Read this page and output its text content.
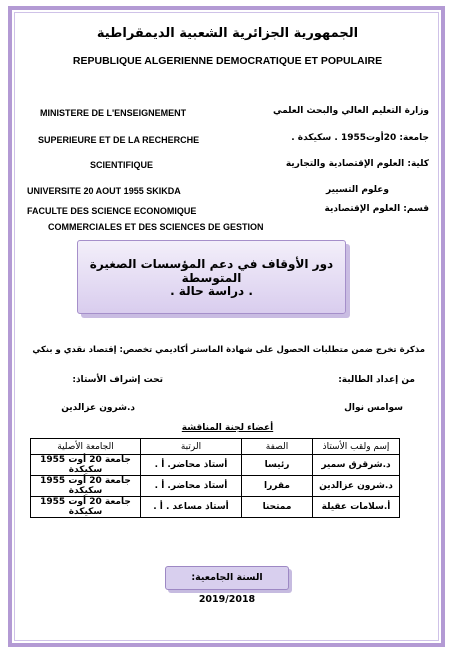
الجمهورية الجزائرية الشعبية الديمقراطية
REPUBLIQUE ALGERIENNE DEMOCRATIQUE ET POPULAIRE
MINISTERE DE L'ENSEIGNEMENT
SUPERIEURE ET DE LA RECHERCHE
SCIENTIFIQUE
UNIVERSITE 20 AOUT 1955 SKIKDA
FACULTE DES SCIENCE ECONOMIQUE
COMMERCIALES ET DES SCIENCES DE GESTION
وزارة التعليم العالي والبحث العلمي
جامعة: 20أوت1955 . سكيكدة .
كلية: العلوم الإقتصادية والتجارية
وعلوم التسيير
قسم: العلوم الإقتصادية
دور الأوقاف في دعم المؤسسات الصغيرة المتوسطة
. دراسة حالة .
مذكرة تخرج ضمن متطلبات الحصول على شهادة الماستر أكاديمي تخصص: إقتصاد نقدي و بنكي
من إعداد الطالبة:
تحت إشراف الأستاذ:
سوامس نوال
د.شرون عزالدين
أعضاء لجنة المناقشة
إسم ولقب الأستاذ	الصفة	الرتبة	الجامعة الأصلية
د.شرقرق سمير	رئيسا	أستاذ محاضر. أ .	جامعة 20 أوت 1955 سكيكدة
د.شرون عزالدين	مقررا	أستاذ محاضر. أ .	جامعة 20 أوت 1955 سكيكدة
أ.سلامات عقيلة	ممتحنا	أستاذ مساعد . أ .	جامعة 20 أوت 1955 سكيكدة
السنة الجامعية: 2019/2018
